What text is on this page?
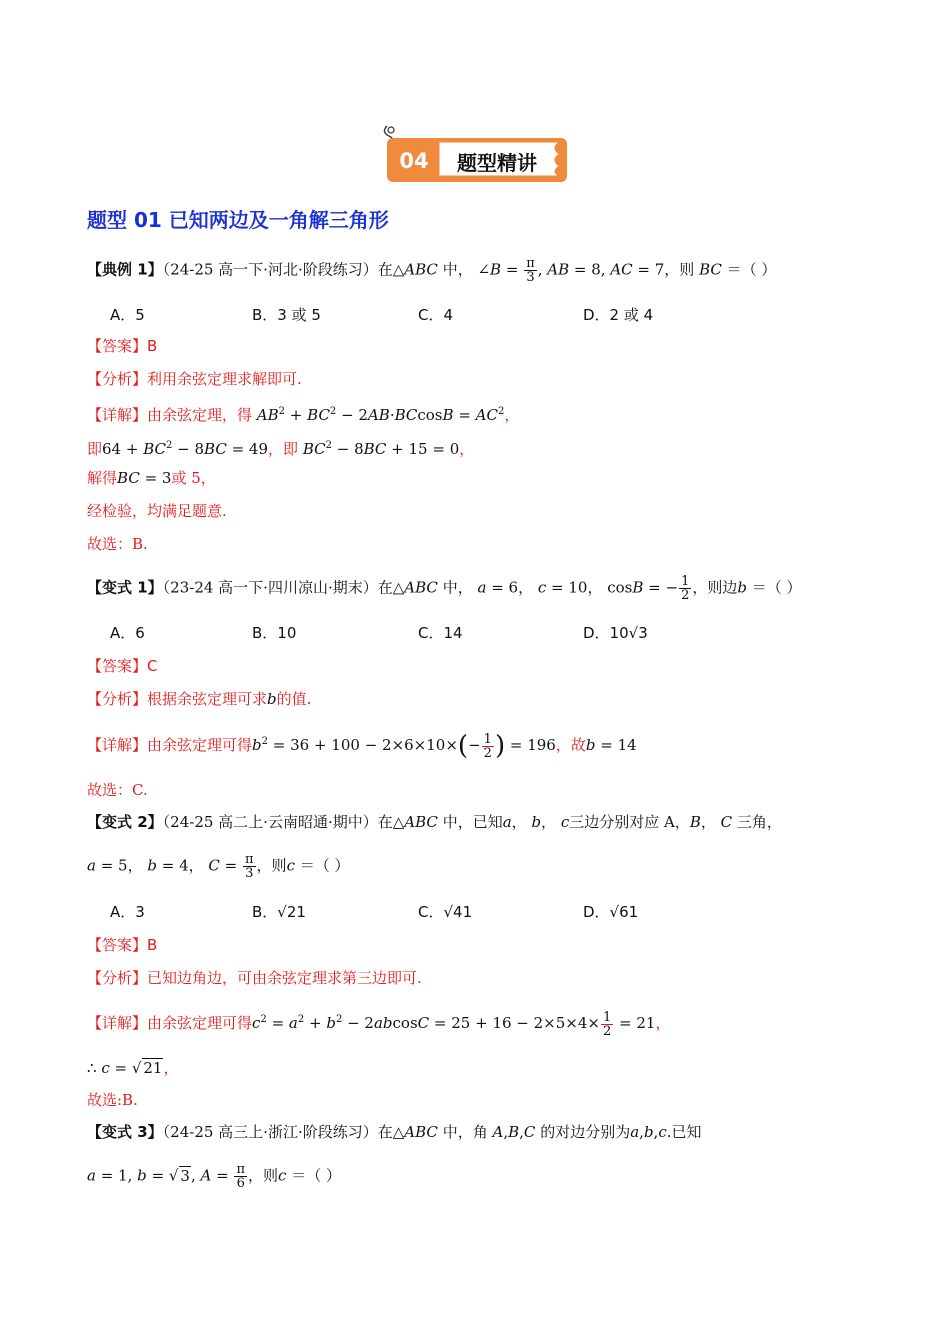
04	题型精讲
题型 01 已知两边及一角解三角形
【典例 1】（24-25 高一下·河北·阶段练习）在△ABC 中， ∠B = $\frac{\pi}{3}$ , AB = 8, AC = 7，则 BC ＝（ ）
A．5	B．3 或 5	C．4	D．2 或 4
【答案】B
【分析】利用余弦定理求解即可.
【详解】由余弦定理，得 $AB^2 + BC^2 - 2AB\cdot BCcosB = AC^2$，
即$64 + BC^2 - 8BC = 49$，即 $BC^2 - 8BC + 15 = 0$，
解得BC = 3或 5，
经检验，均满足题意.
故选：B.
【变式 1】（23-24 高一下·四川凉山·期末）在△ABC 中， a = 6， c = 10， cosB = − $\frac{1}{2}$ ，则边b ＝（ ）
A．6	B．10	C．14	D．10√3
【答案】C
【分析】根据余弦定理可求b的值.
【详解】由余弦定理可得$b^2 = 36 + 100 - 2\times 6\times 10\times(- \frac{1}{2}$ ) = 196，故b = 14
故选：C.
【变式 2】（24-25 高二上·云南昭通·期中）在△ABC 中，已知a， b， c三边分别对应 A，B， C 三角，
a = 5， b = 4， $C = \frac{\pi}{3}$ ，则c ＝（ ）
A．3	B．√21	C．√41	D．√61
【答案】B
【分析】已知边角边，可由余弦定理求第三边即可.
【详解】由余弦定理可得$c^2 = a^2 + b^2 - 2abcosC = 25 + 16 - 2\times 5\times 4\times \frac{1}{2} = 21$，
∴ c = √ 21，
故选:B.
【变式 3】（24-25 高三上·浙江·阶段练习）在△ABC 中，角 A,B,C 的对边分别为a,b,c.已知
a = 1, b = √ 3, $A = \frac{\pi}{6}$ ，则c ＝（ ）
